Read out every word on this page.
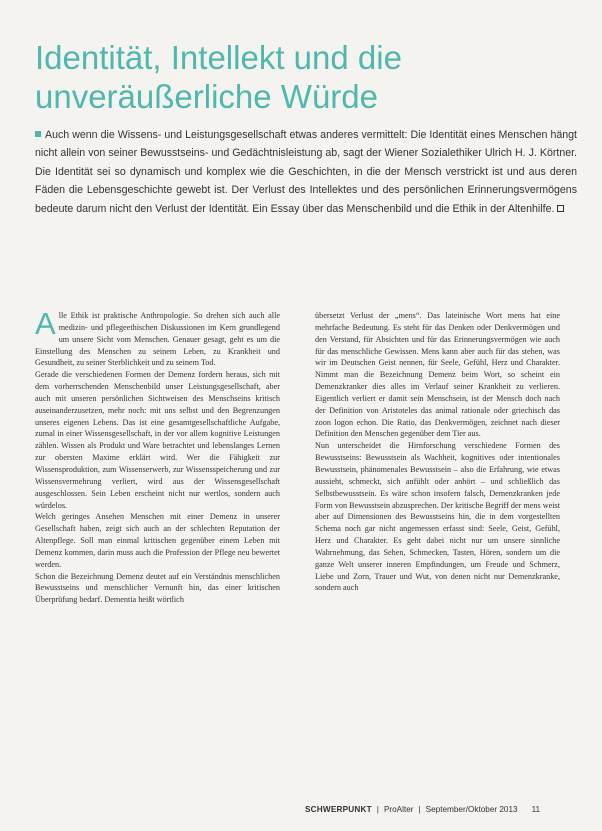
Identität, Intellekt und die unveräußerliche Würde

Auch wenn die Wissens- und Leistungsgesellschaft etwas anderes vermittelt: Die Identität eines Menschen hängt nicht allein von seiner Bewusstseins- und Gedächtnisleistung ab, sagt der Wiener Sozialethiker Ulrich H. J. Körtner. Die Identität sei so dynamisch und komplex wie die Geschichten, in die der Mensch verstrickt ist und aus deren Fäden die Lebensgeschichte gewebt ist. Der Verlust des Intellektes und des persönlichen Erinnerungsvermögens bedeute darum nicht den Verlust der Identität. Ein Essay über das Menschenbild und die Ethik in der Altenhilfe.

Alle Ethik ist praktische Anthropologie. So drehen sich auch alle medizin- und pflegeethischen Diskussionen im Kern grundlegend um unsere Sicht vom Menschen. Genauer gesagt, geht es um die Einstellung des Menschen zu seinem Leben, zu Krankheit und Gesundheit, zu seiner Sterblichkeit und zu seinem Tod.

Gerade die verschiedenen Formen der Demenz fordern heraus, sich mit dem vorherrschenden Menschenbild unser Leistungsgesellschaft, aber auch mit unseren persönlichen Sichtweisen des Menschseins kritisch auseinanderzusetzen, mehr noch: mit uns selbst und den Begrenzungen unseres eigenen Lebens. Das ist eine gesamtgesellschaftliche Aufgabe, zumal in einer Wissensgesellschaft, in der vor allem kognitive Leistungen zählen. Wissen als Produkt und Ware betrachtet und lebenslanges Lernen zur obersten Maxime erklärt wird. Wer die Fähigkeit zur Wissensproduktion, zum Wissenserwerb, zur Wissensspeicherung und zur Wissensvermehrung verliert, wird aus der Wissensgesellschaft ausgeschlossen. Sein Leben erscheint nicht nur wertlos, sondern auch würdelos.

Welch geringes Ansehen Menschen mit einer Demenz in unserer Gesellschaft haben, zeigt sich auch an der schlechten Reputation der Altenpflege. Soll man einmal kritischen gegenüber einem Leben mit Demenz kommen, darin muss auch die Profession der Pflege neu bewertet werden.

Schon die Bezeichnung Demenz deutet auf ein Verständnis menschlichen Bewusstseins und menschlicher Vernunft hin, das einer kritischen Überprüfung bedarf. Dementia heißt wörtlich

übersetzt Verlust der „mens“. Das lateinische Wort mens hat eine mehrfache Bedeutung. Es steht für das Denken oder Denkvermögen und den Verstand, für Absichten und für das Erinnerungsvermögen wie auch für das menschliche Gewissen. Mens kann aber auch für das stehen, was wir im Deutschen Geist nennen, für Seele, Gefühl, Herz und Charakter. Nimmt man die Bezeichnung Demenz beim Wort, so scheint ein Demenzkranker dies alles im Verlauf seiner Krankheit zu verlieren. Eigentlich verliert er damit sein Menschsein, ist der Mensch doch nach der Definition von Aristoteles das animal rationale oder griechisch das zoon logon echon. Die Ratio, das Denkvermögen, zeichnet nach dieser Definition den Menschen gegenüber dem Tier aus.

Nun unterscheidet die Hirnforschung verschiedene Formen des Bewusstseins: Bewusstsein als Wachheit, kognitives oder intentionales Bewusstsein, phänomenales Bewusstsein – also die Erfahrung, wie etwas aussieht, schmeckt, sich anfühlt oder anhört – und schließlich das Selbstbewusstsein. Es wäre schon insofern falsch, Demenzkranken jede Form von Bewusstsein abzusprechen. Der kritische Begriff der mens weist aber auf Dimensionen des Bewusstseins hin, die in dem vorgestellten Schema noch gar nicht angemessen erfasst sind: Seele, Geist, Gefühl, Herz und Charakter. Es geht dabei nicht nur um unsere sinnliche Wahrnehmung, das Sehen, Schmecken, Tasten, Hören, sondern um die ganze Welt unserer inneren Empfindungen, um Freude und Schmerz, Liebe und Zorn, Trauer und Wut, von denen nicht nur Demenzkranke, sondern auch

SCHWERPUNKT | ProAlter | September/Oktober 2013 11
